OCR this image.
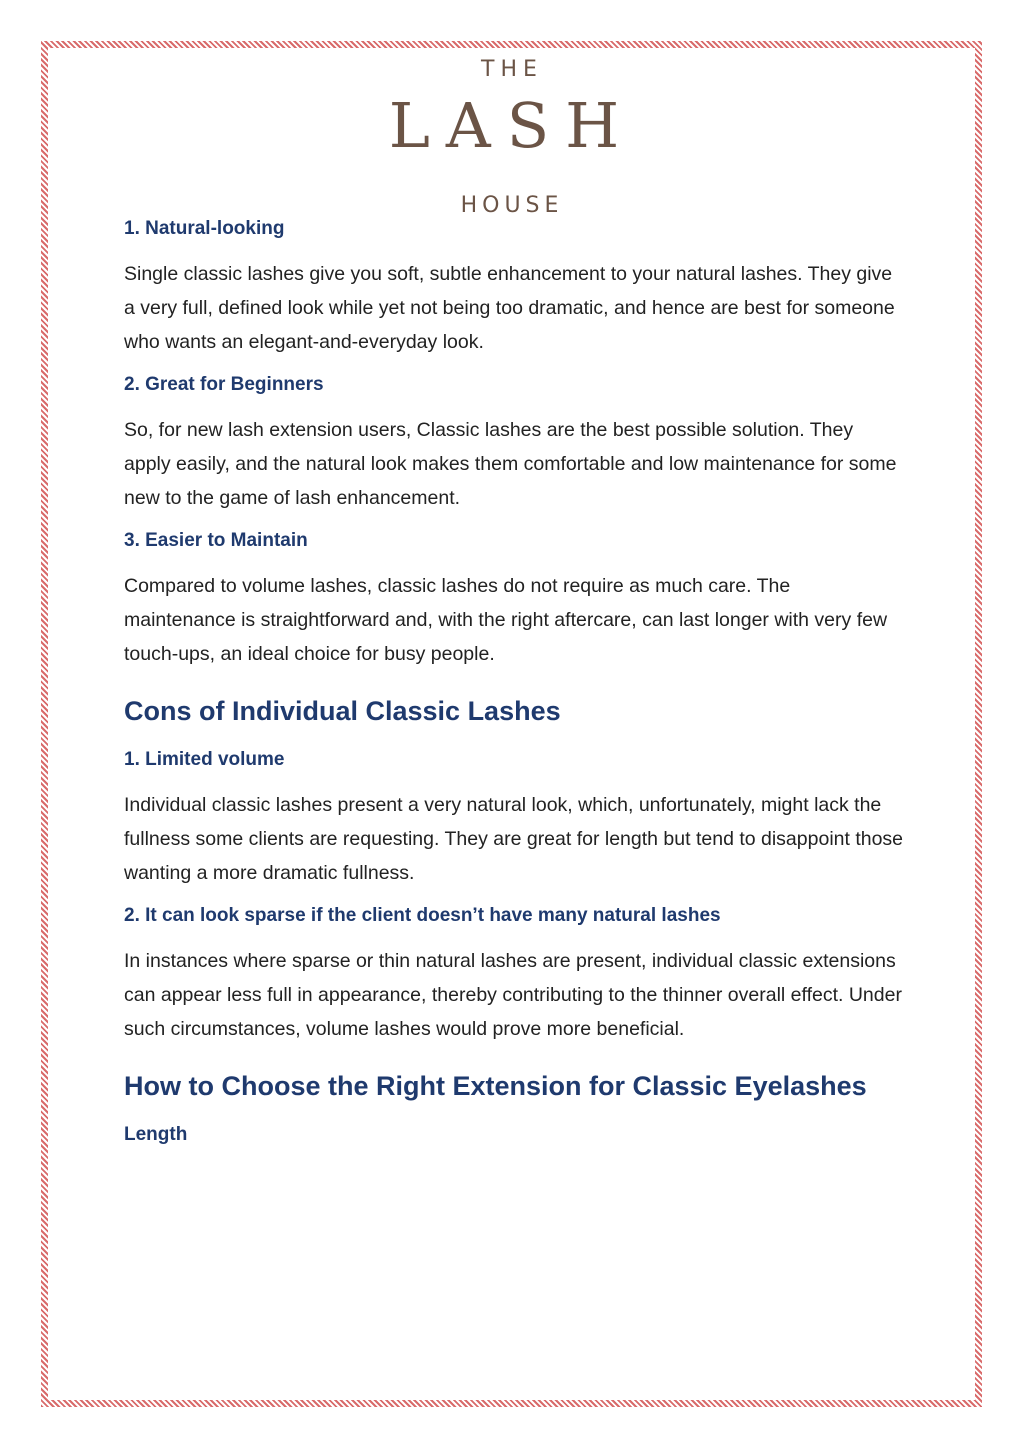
THE
LASH
HOUSE
1. Natural-looking

Single classic lashes give you soft, subtle enhancement to your natural lashes. They give a very full, defined look while yet not being too dramatic, and hence are best for someone who wants an elegant-and-everyday look.

2. Great for Beginners

So, for new lash extension users, Classic lashes are the best possible solution. They apply easily, and the natural look makes them comfortable and low maintenance for some new to the game of lash enhancement.

3. Easier to Maintain

Compared to volume lashes, classic lashes do not require as much care. The maintenance is straightforward and, with the right aftercare, can last longer with very few touch-ups, an ideal choice for busy people.

Cons of Individual Classic Lashes
1. Limited volume

Individual classic lashes present a very natural look, which, unfortunately, might lack the fullness some clients are requesting. They are great for length but tend to disappoint those wanting a more dramatic fullness.

2. It can look sparse if the client doesn’t have many natural lashes

In instances where sparse or thin natural lashes are present, individual classic extensions can appear less full in appearance, thereby contributing to the thinner overall effect. Under such circumstances, volume lashes would prove more beneficial.

How to Choose the Right Extension for Classic Eyelashes
Length
